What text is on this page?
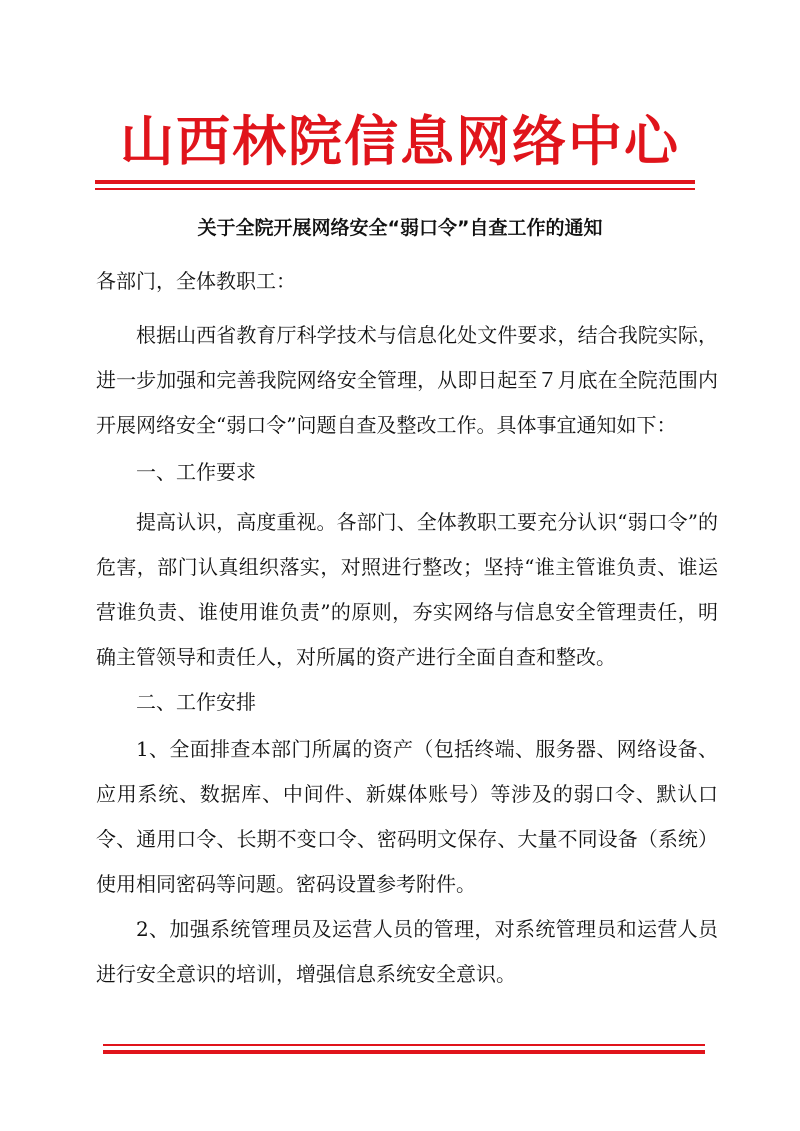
山西林院信息网络中心
关于全院开展网络安全“弱口令”自查工作的通知
各部门，全体教职工：

根据山西省教育厅科学技术与信息化处文件要求，结合我院实际，进一步加强和完善我院网络安全管理，从即日起至７月底在全院范围内开展网络安全“弱口令”问题自查及整改工作。具体事宜通知如下：

一、工作要求

提高认识，高度重视。各部门、全体教职工要充分认识“弱口令”的危害，部门认真组织落实，对照进行整改；坚持“谁主管谁负责、谁运营谁负责、谁使用谁负责”的原则，夯实网络与信息安全管理责任，明确主管领导和责任人，对所属的资产进行全面自查和整改。

二、工作安排

1、全面排查本部门所属的资产（包括终端、服务器、网络设备、应用系统、数据库、中间件、新媒体账号）等涉及的弱口令、默认口令、通用口令、长期不变口令、密码明文保存、大量不同设备（系统）使用相同密码等问题。密码设置参考附件。

2、加强系统管理员及运营人员的管理，对系统管理员和运营人员进行安全意识的培训，增强信息系统安全意识。
